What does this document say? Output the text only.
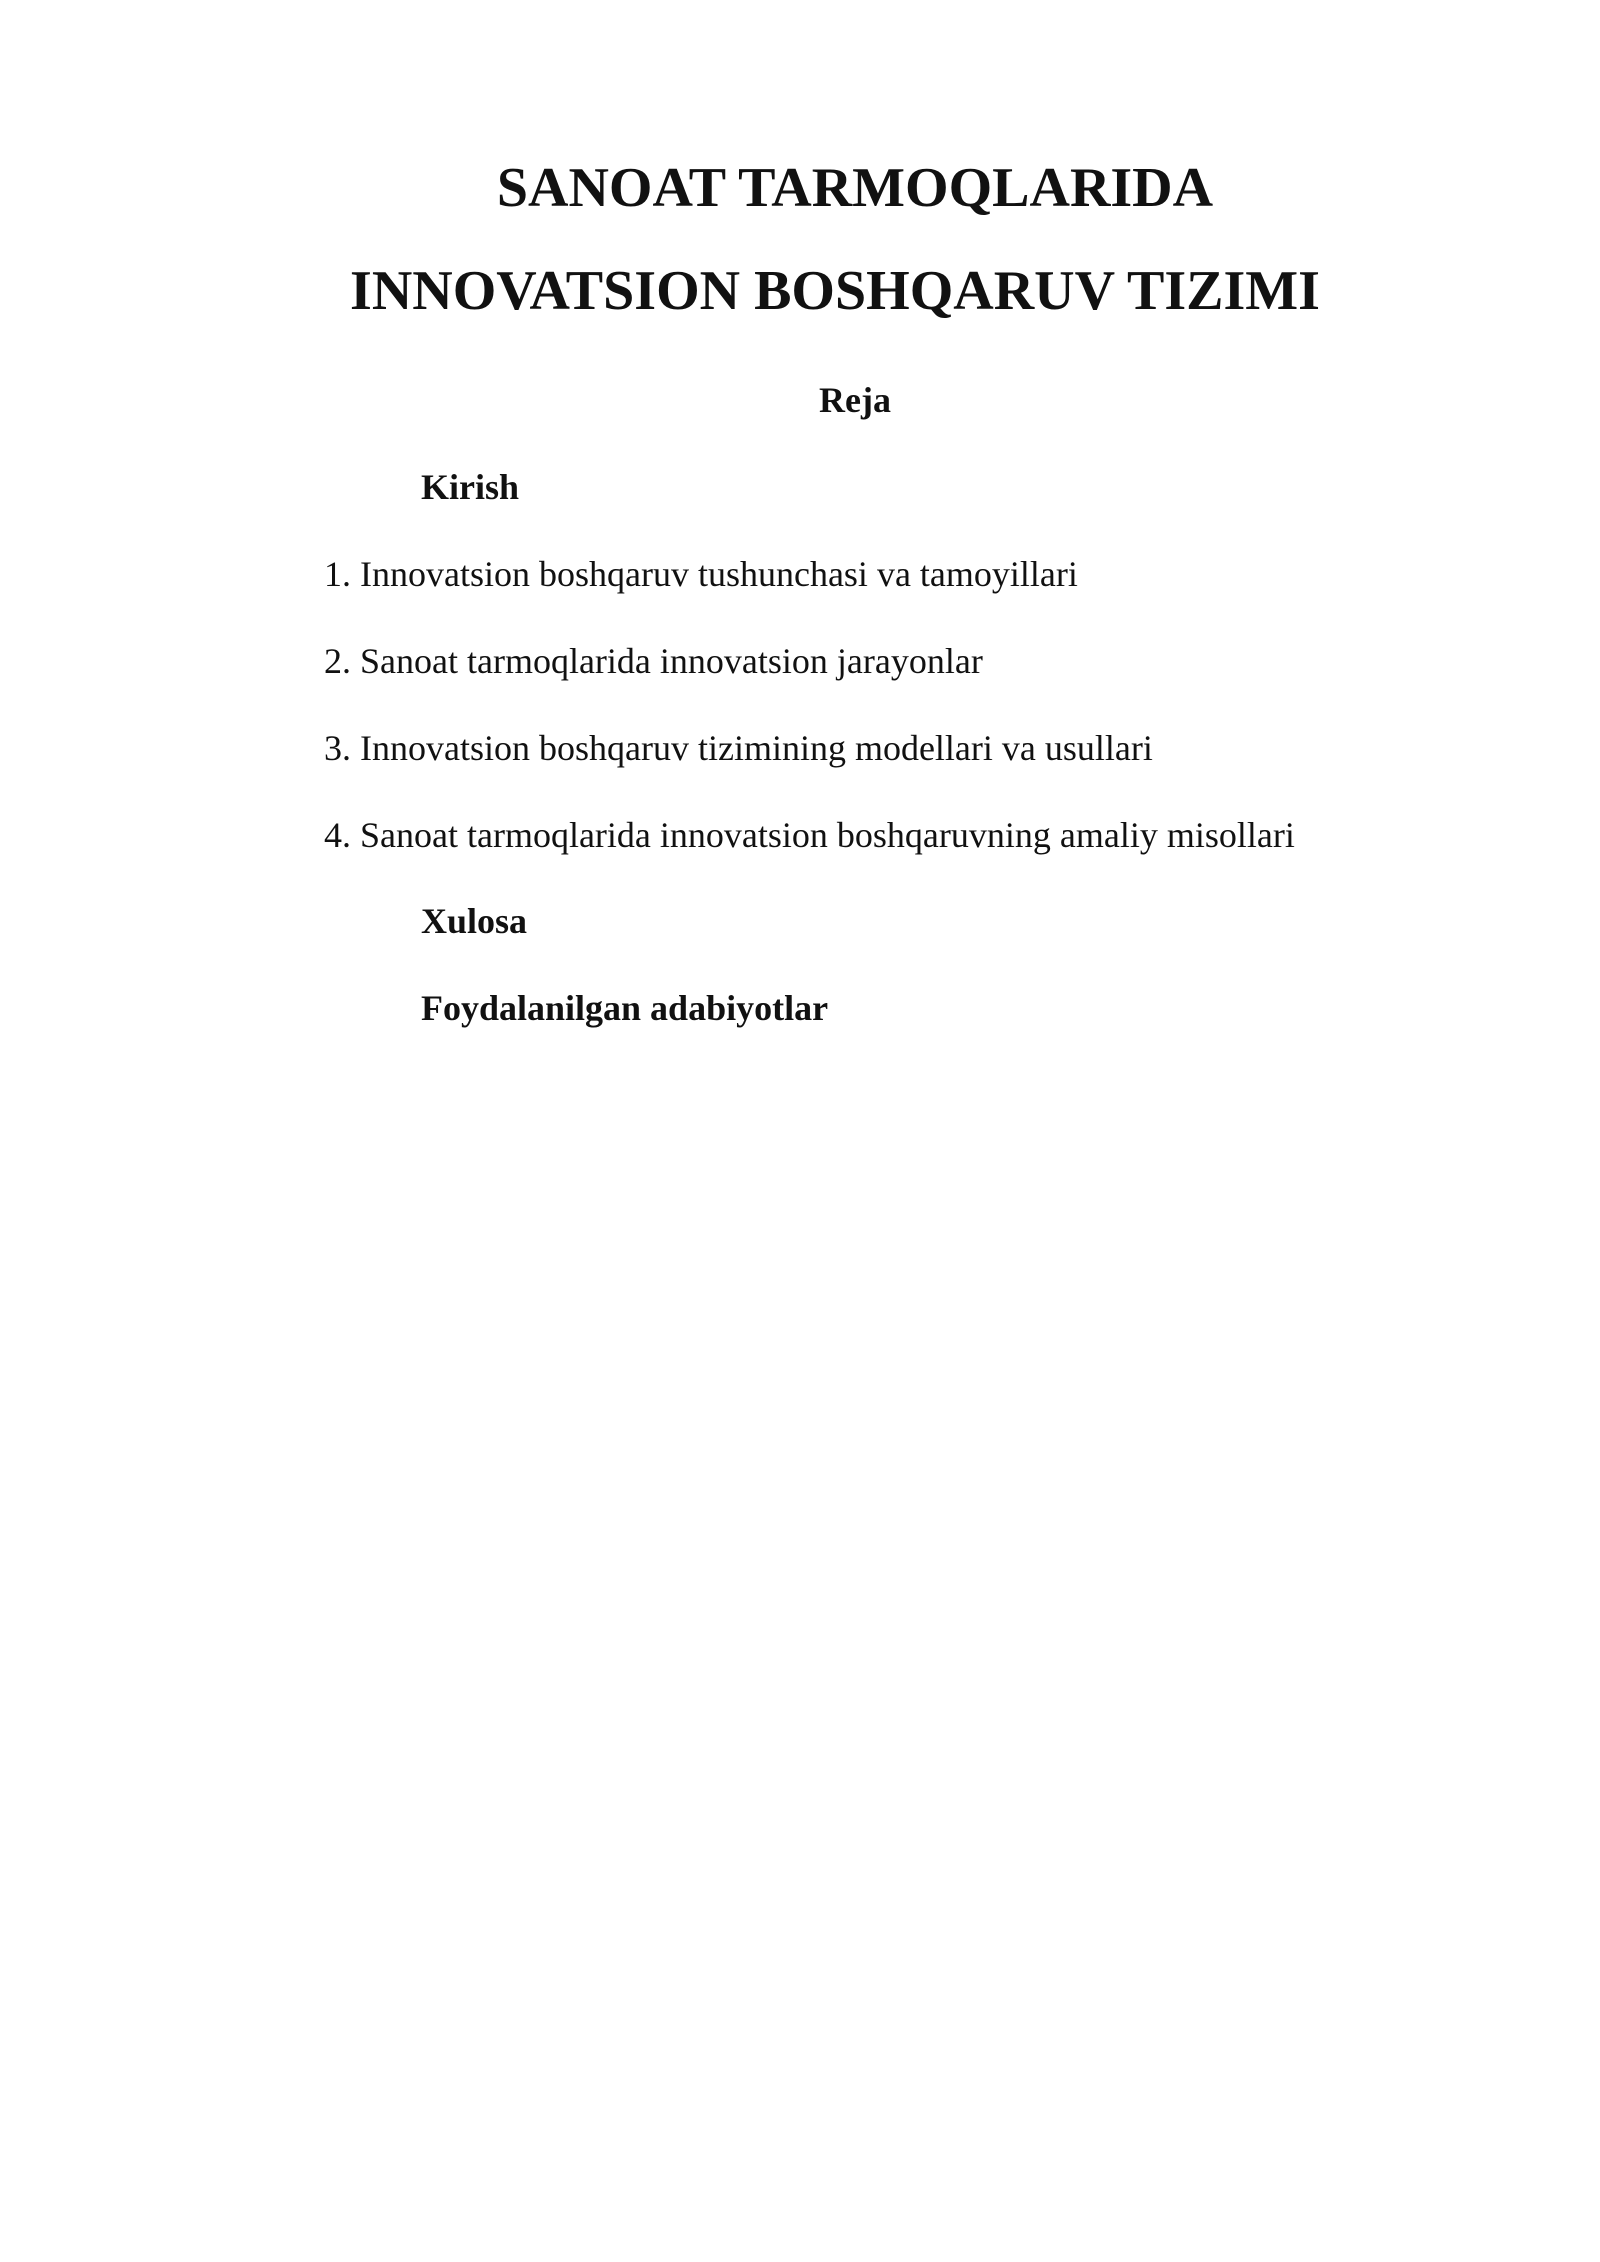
SANOAT TARMOQLARIDA
INNOVATSION BOSHQARUV TIZIMI
Reja
Kirish
1. Innovatsion boshqaruv tushunchasi va tamoyillari
2. Sanoat tarmoqlarida innovatsion jarayonlar
3. Innovatsion boshqaruv tizimining modellari va usullari
4. Sanoat tarmoqlarida innovatsion boshqaruvning amaliy misollari
Xulosa
Foydalanilgan adabiyotlar
